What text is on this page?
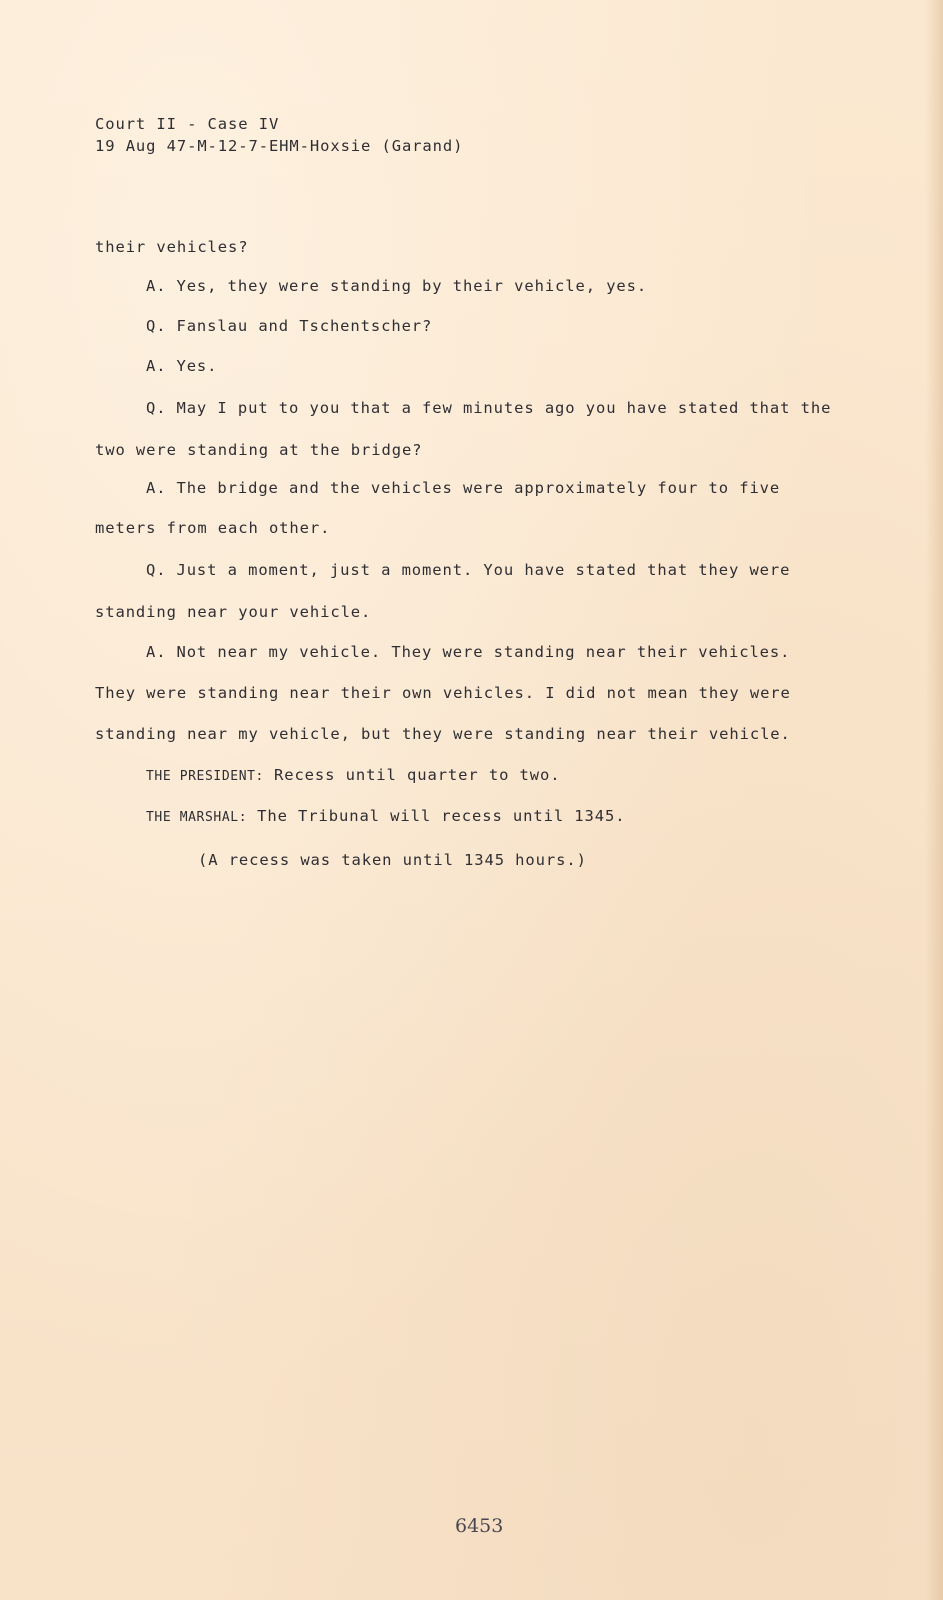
Court II - Case IV
19 Aug 47-M-12-7-EHM-Hoxsie (Garand)
their vehicles?
A. Yes, they were standing by their vehicle, yes.
Q. Fanslau and Tschentscher?
A. Yes.
Q. May I put to you that a few minutes ago you have stated that the
two were standing at the bridge?
A. The bridge and the vehicles were approximately four to five
meters from each other.
Q. Just a moment, just a moment. You have stated that they were
standing near your vehicle.
A. Not near my vehicle. They were standing near their vehicles.
They were standing near their own vehicles. I did not mean they were
standing near my vehicle, but they were standing near their vehicle.
THE PRESIDENT: Recess until quarter to two.
THE MARSHAL: The Tribunal will recess until 1345.
(A recess was taken until 1345 hours.)
6453
